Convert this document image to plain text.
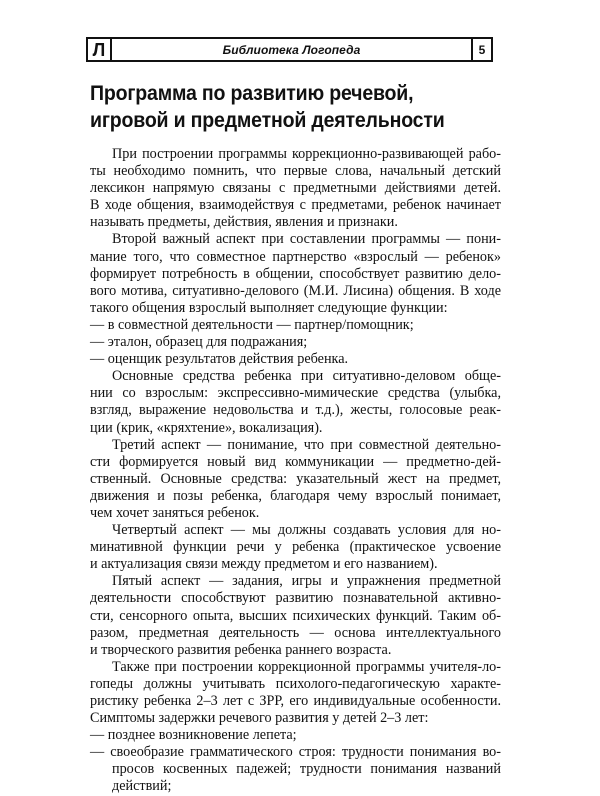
Л	Библиотека Логопеда	5
Программа по развитию речевой,
игровой и предметной деятельности
При построении программы коррекционно-развивающей рабо-
ты необходимо помнить, что первые слова, начальный детский
лексикон напрямую связаны с предметными действиями детей.
В ходе общения, взаимодействуя с предметами, ребенок начинает
называть предметы, действия, явления и признаки.
Второй важный аспект при составлении программы — пони-
мание того, что совместное партнерство «взрослый — ребенок»
формирует потребность в общении, способствует развитию дело-
вого мотива, ситуативно-делового (М.И. Лисина) общения. В ходе
такого общения взрослый выполняет следующие функции:
— в совместной деятельности — партнер/помощник;
— эталон, образец для подражания;
— оценщик результатов действия ребенка.
Основные средства ребенка при ситуативно-деловом обще-
нии со взрослым: экспрессивно-мимические средства (улыбка,
взгляд, выражение недовольства и т.д.), жесты, голосовые реак-
ции (крик, «кряхтение», вокализация).
Третий аспект — понимание, что при совместной деятельно-
сти формируется новый вид коммуникации — предметно-дей-
ственный. Основные средства: указательный жест на предмет,
движения и позы ребенка, благодаря чему взрослый понимает,
чем хочет заняться ребенок.
Четвертый аспект — мы должны создавать условия для но-
минативной функции речи у ребенка (практическое усвоение
и актуализация связи между предметом и его названием).
Пятый аспект — задания, игры и упражнения предметной
деятельности способствуют развитию познавательной активно-
сти, сенсорного опыта, высших психических функций. Таким об-
разом, предметная деятельность — основа интеллектуального
и творческого развития ребенка раннего возраста.
Также при построении коррекционной программы учителя-ло-
гопеды должны учитывать психолого-педагогическую характе-
ристику ребенка 2–3 лет с ЗРР, его индивидуальные особенности.
Симптомы задержки речевого развития у детей 2–3 лет:
— позднее возникновение лепета;
— своеобразие грамматического строя: трудности понимания во-
просов косвенных падежей; трудности понимания названий
действий;
